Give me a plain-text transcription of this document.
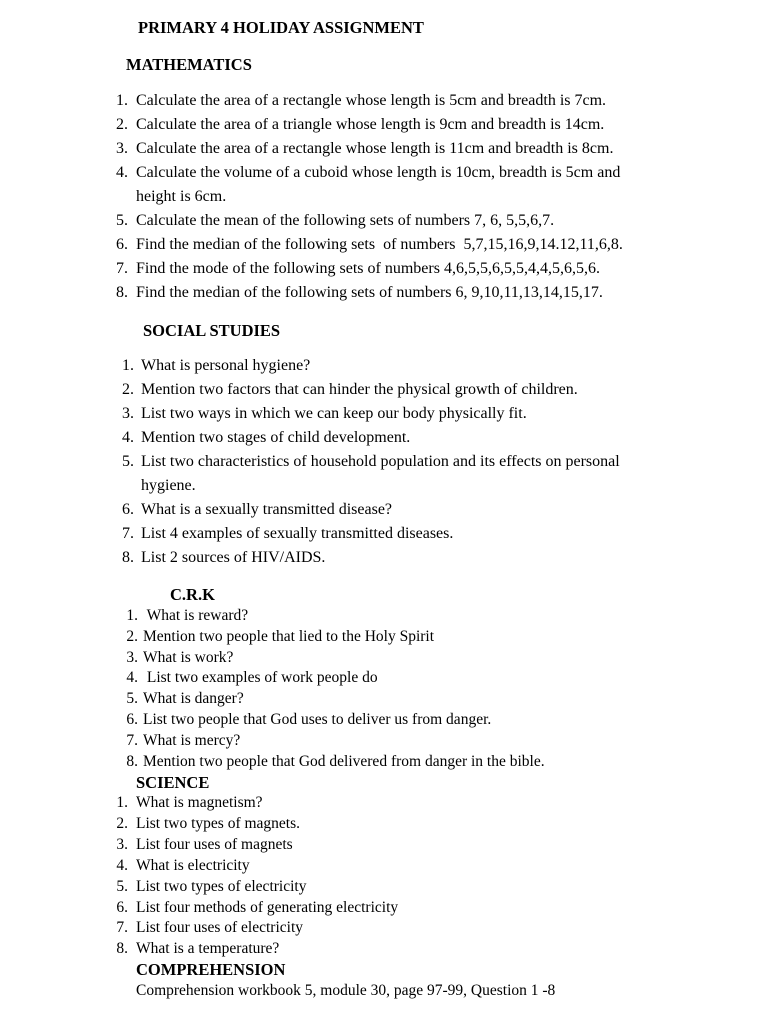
PRIMARY 4 HOLIDAY ASSIGNMENT
MATHEMATICS
1. Calculate the area of a rectangle whose length is 5cm and breadth is 7cm.
2. Calculate the area of a triangle whose length is 9cm and breadth is 14cm.
3. Calculate the area of a rectangle whose length is 11cm and breadth is 8cm.
4. Calculate the volume of a cuboid whose length is 10cm, breadth is 5cm and
height is 6cm.
5. Calculate the mean of the following sets of numbers 7, 6, 5,5,6,7.
6. Find the median of the following sets  of numbers  5,7,15,16,9,14.12,11,6,8.
7. Find the mode of the following sets of numbers 4,6,5,5,6,5,5,4,4,5,6,5,6.
8. Find the median of the following sets of numbers 6, 9,10,11,13,14,15,17.
SOCIAL STUDIES
1. What is personal hygiene?
2. Mention two factors that can hinder the physical growth of children.
3. List two ways in which we can keep our body physically fit.
4. Mention two stages of child development.
5. List two characteristics of household population and its effects on personal
hygiene.
6. What is a sexually transmitted disease?
7. List 4 examples of sexually transmitted diseases.
8. List 2 sources of HIV/AIDS.
C.R.K
1. What is reward?
2. Mention two people that lied to the Holy Spirit
3. What is work?
4. List two examples of work people do
5. What is danger?
6. List two people that God uses to deliver us from danger.
7. What is mercy?
8. Mention two people that God delivered from danger in the bible.
SCIENCE
1. What is magnetism?
2. List two types of magnets.
3. List four uses of magnets
4. What is electricity
5. List two types of electricity
6. List four methods of generating electricity
7. List four uses of electricity
8. What is a temperature?
COMPREHENSION
Comprehension workbook 5, module 30, page 97-99, Question 1 -8
